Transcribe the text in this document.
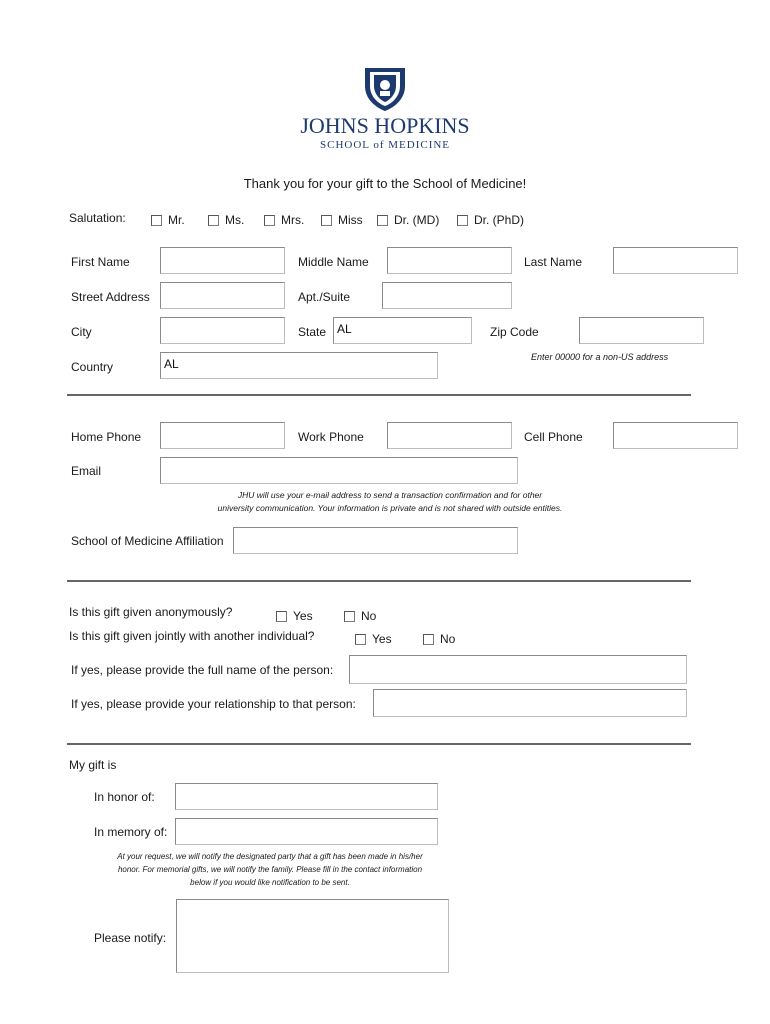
JOHNS HOPKINS
SCHOOL of MEDICINE
Thank you for your gift to the School of Medicine!
Salutation:	Mr.	Ms.	Mrs.	Miss	Dr. (MD)	Dr. (PhD)
First Name	Middle Name	Last Name
Street Address	Apt./Suite
City	State AL	Zip Code
Enter 00000 for a non-US address
Country	AL
Home Phone	Work Phone	Cell Phone
Email
JHU will use your e-mail address to send a transaction confirmation and for other
university communication. Your information is private and is not shared with outside entities.
School of Medicine Affiliation
Is this gift given anonymously?	Yes	No
Is this gift given jointly with another individual?	Yes	No
If yes, please provide the full name of the person:
If yes, please provide your relationship to that person:
My gift is
In honor of:
In memory of:
At your request, we will notify the designated party that a gift has been made in his/her
honor. For memorial gifts, we will notify the family. Please fill in the contact information
below if you would like notification to be sent.
Please notify:
